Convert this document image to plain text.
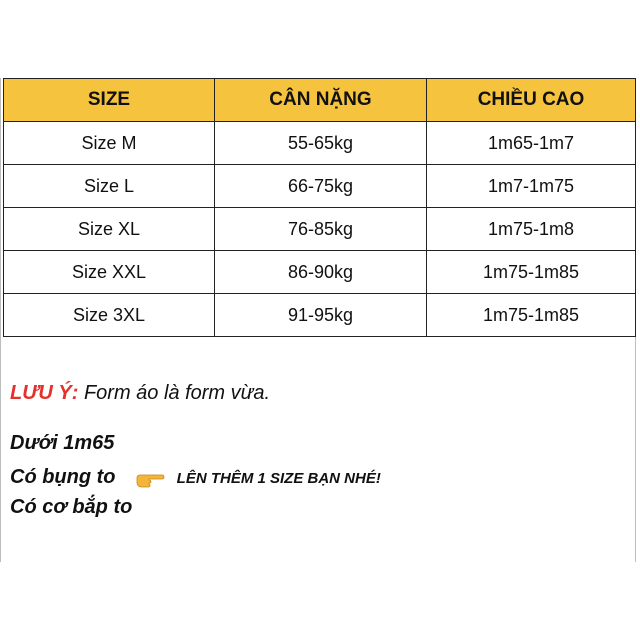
SIZE	CÂN NẶNG	CHIỀU CAO
Size M	55-65kg	1m65-1m7
Size L	66-75kg	1m7-1m75
Size XL	76-85kg	1m75-1m8
Size XXL	86-90kg	1m75-1m85
Size 3XL	91-95kg	1m75-1m85
LƯU Ý: Form áo là form vừa.
Dưới 1m65
Có bụng to	LÊN THÊM 1 SIZE BẠN NHÉ!
Có cơ bắp to
